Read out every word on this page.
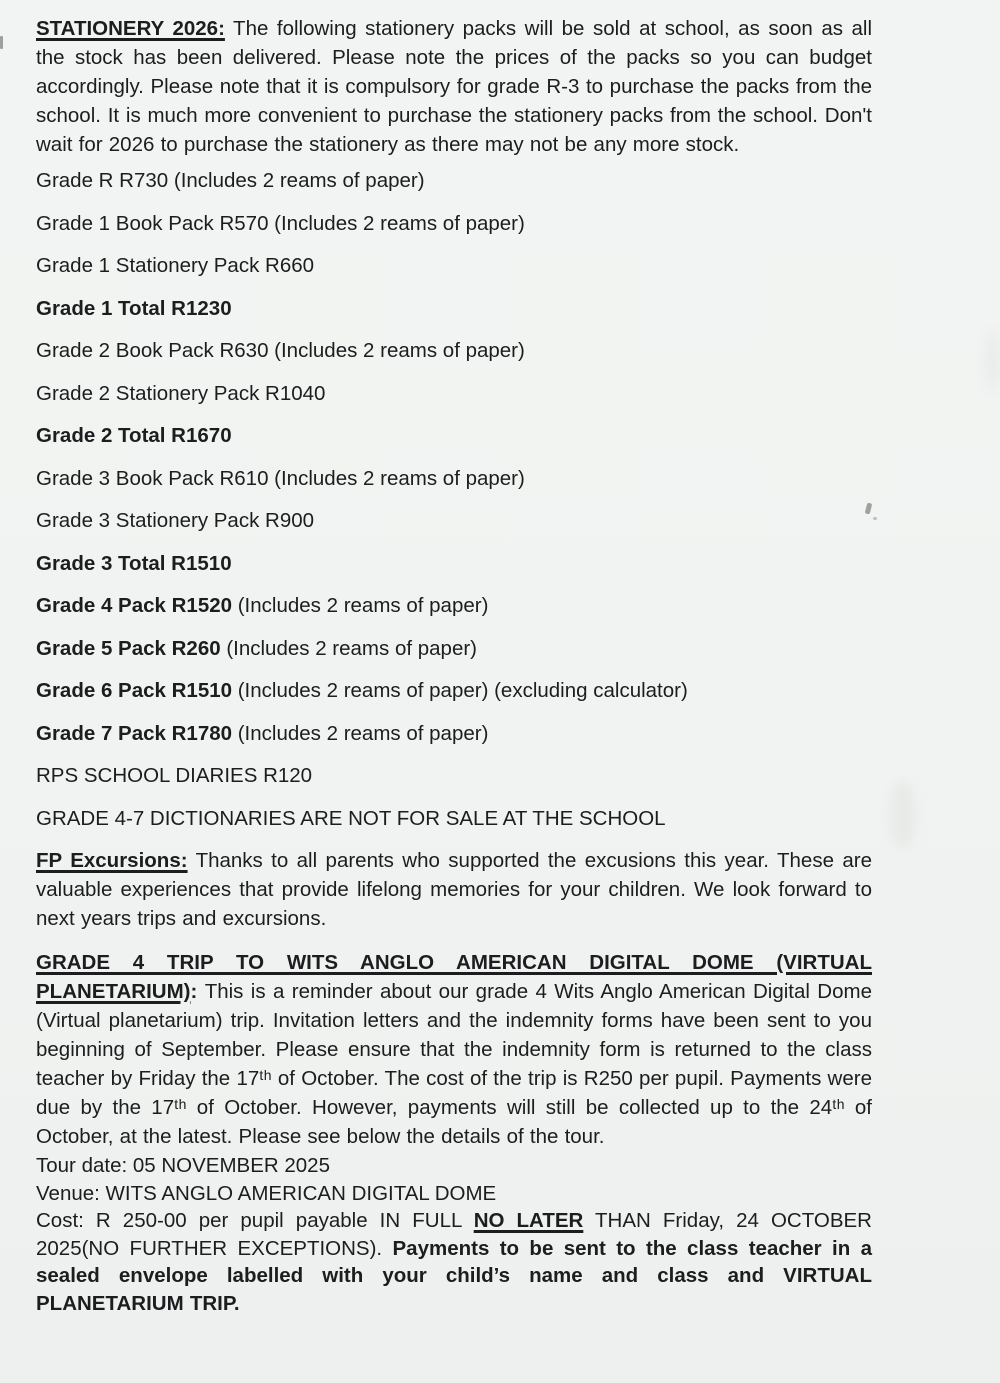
STATIONERY 2026: The following stationery packs will be sold at school, as soon as all the stock has been delivered. Please note the prices of the packs so you can budget accordingly. Please note that it is compulsory for grade R-3 to purchase the packs from the school. It is much more convenient to purchase the stationery packs from the school. Don't wait for 2026 to purchase the stationery as there may not be any more stock.

Grade R R730 (Includes 2 reams of paper)
Grade 1 Book Pack R570 (Includes 2 reams of paper)
Grade 1 Stationery Pack R660
Grade 1 Total R1230
Grade 2 Book Pack R630 (Includes 2 reams of paper)
Grade 2 Stationery Pack R1040
Grade 2 Total R1670
Grade 3 Book Pack R610 (Includes 2 reams of paper)
Grade 3 Stationery Pack R900
Grade 3 Total R1510
Grade 4 Pack R1520 (Includes 2 reams of paper)
Grade 5 Pack R260 (Includes 2 reams of paper)
Grade 6 Pack R1510 (Includes 2 reams of paper) (excluding calculator)
Grade 7 Pack R1780 (Includes 2 reams of paper)
RPS SCHOOL DIARIES R120
GRADE 4-7 DICTIONARIES ARE NOT FOR SALE AT THE SCHOOL

FP Excursions: Thanks to all parents who supported the excusions this year. These are valuable experiences that provide lifelong memories for your children. We look forward to next years trips and excursions.

GRADE 4 TRIP TO WITS ANGLO AMERICAN DIGITAL DOME (VIRTUAL PLANETARIUM): This is a reminder about our grade 4 Wits Anglo American Digital Dome (Virtual planetarium) trip. Invitation letters and the indemnity forms have been sent to you beginning of September. Please ensure that the indemnity form is returned to the class teacher by Friday the 17ᵗʰ of October. The cost of the trip is R250 per pupil. Payments were due by the 17ᵗʰ of October. However, payments will still be collected up to the 24ᵗʰ of October, at the latest. Please see below the details of the tour.

Tour date: 05 NOVEMBER 2025
Venue: WITS ANGLO AMERICAN DIGITAL DOME

Cost: R 250-00 per pupil payable IN FULL NO LATER THAN Friday, 24 OCTOBER 2025(NO FURTHER EXCEPTIONS). Payments to be sent to the class teacher in a sealed envelope labelled with your child’s name and class and VIRTUAL PLANETARIUM TRIP.
